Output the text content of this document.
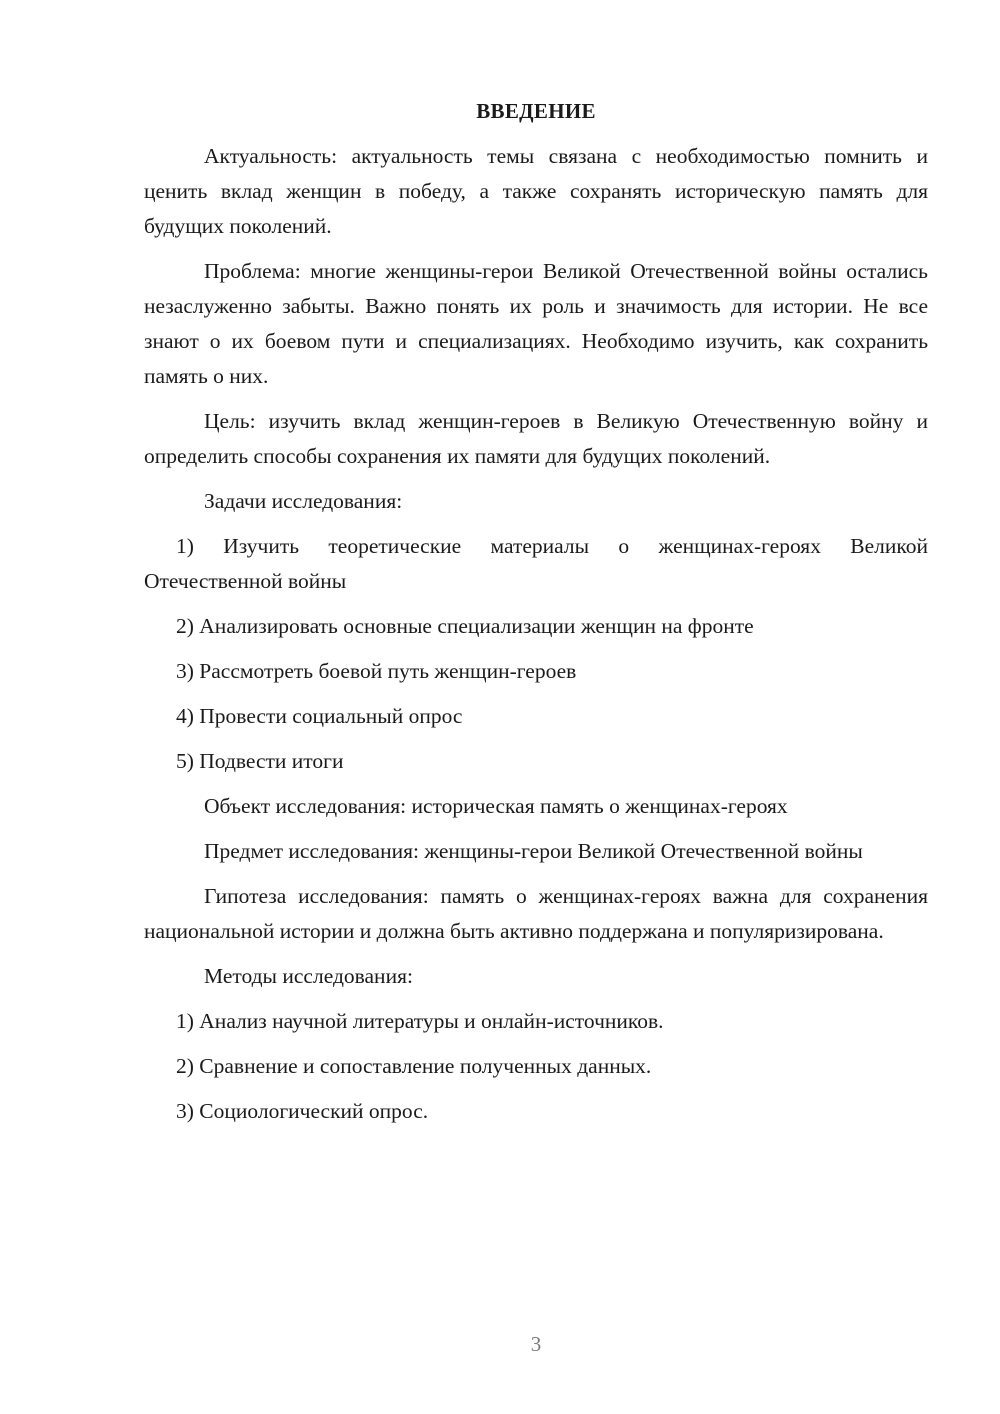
ВВЕДЕНИЕ

Актуальность: актуальность темы связана с необходимостью помнить и ценить вклад женщин в победу, а также сохранять историческую память для будущих поколений.

Проблема: многие женщины-герои Великой Отечественной войны остались незаслуженно забыты. Важно понять их роль и значимость для истории. Не все знают о их боевом пути и специализациях. Необходимо изучить, как сохранить память о них.

Цель: изучить вклад женщин-героев в Великую Отечественную войну и определить способы сохранения их памяти для будущих поколений.

Задачи исследования:

1) Изучить теоретические материалы о женщинах-героях Великой Отечественной войны

2) Анализировать основные специализации женщин на фронте

3) Рассмотреть боевой путь женщин-героев

4) Провести социальный опрос

5) Подвести итоги

Объект исследования: историческая память о женщинах-героях

Предмет исследования: женщины-герои Великой Отечественной войны

Гипотеза исследования: память о женщинах-героях важна для сохранения национальной истории и должна быть активно поддержана и популяризирована.

Методы исследования:

1) Анализ научной литературы и онлайн-источников.

2) Сравнение и сопоставление полученных данных.

3) Социологический опрос.

3
